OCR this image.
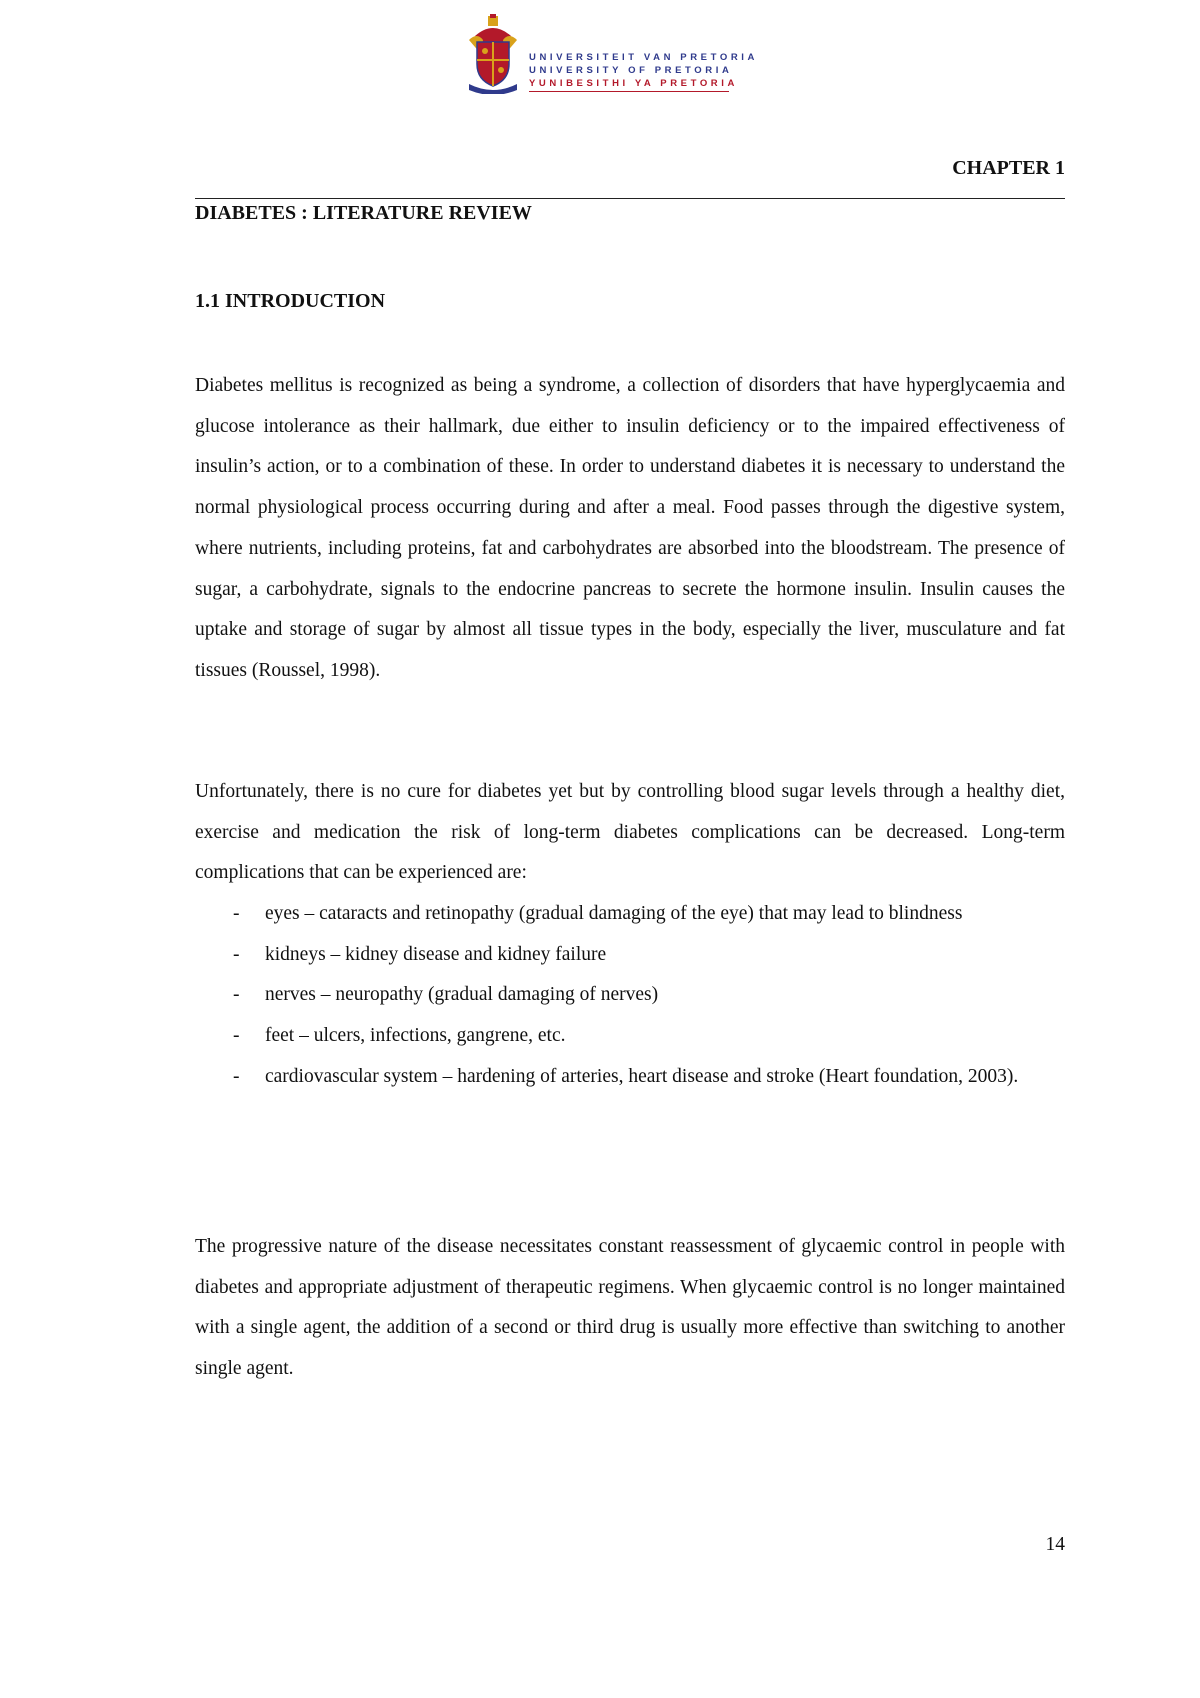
UNIVERSITEIT VAN PRETORIA
UNIVERSITY OF PRETORIA
YUNIBESITHI YA PRETORIA

CHAPTER 1

DIABETES : LITERATURE REVIEW

1.1 INTRODUCTION

Diabetes mellitus is recognized as being a syndrome, a collection of disorders that have hyperglycaemia and glucose intolerance as their hallmark, due either to insulin deficiency or to the impaired effectiveness of insulin’s action, or to a combination of these. In order to understand diabetes it is necessary to understand the normal physiological process occurring during and after a meal. Food passes through the digestive system, where nutrients, including proteins, fat and carbohydrates are absorbed into the bloodstream. The presence of sugar, a carbohydrate, signals to the endocrine pancreas to secrete the hormone insulin. Insulin causes the uptake and storage of sugar by almost all tissue types in the body, especially the liver, musculature and fat tissues (Roussel, 1998).

Unfortunately, there is no cure for diabetes yet but by controlling blood sugar levels through a healthy diet, exercise and medication the risk of long-term diabetes complications can be decreased. Long-term complications that can be experienced are:

- eyes – cataracts and retinopathy (gradual damaging of the eye) that may lead to blindness
- kidneys – kidney disease and kidney failure
- nerves – neuropathy (gradual damaging of nerves)
- feet – ulcers, infections, gangrene, etc.
- cardiovascular system – hardening of arteries, heart disease and stroke (Heart foundation, 2003).

The progressive nature of the disease necessitates constant reassessment of glycaemic control in people with diabetes and appropriate adjustment of therapeutic regimens. When glycaemic control is no longer maintained with a single agent, the addition of a second or third drug is usually more effective than switching to another single agent.

14
